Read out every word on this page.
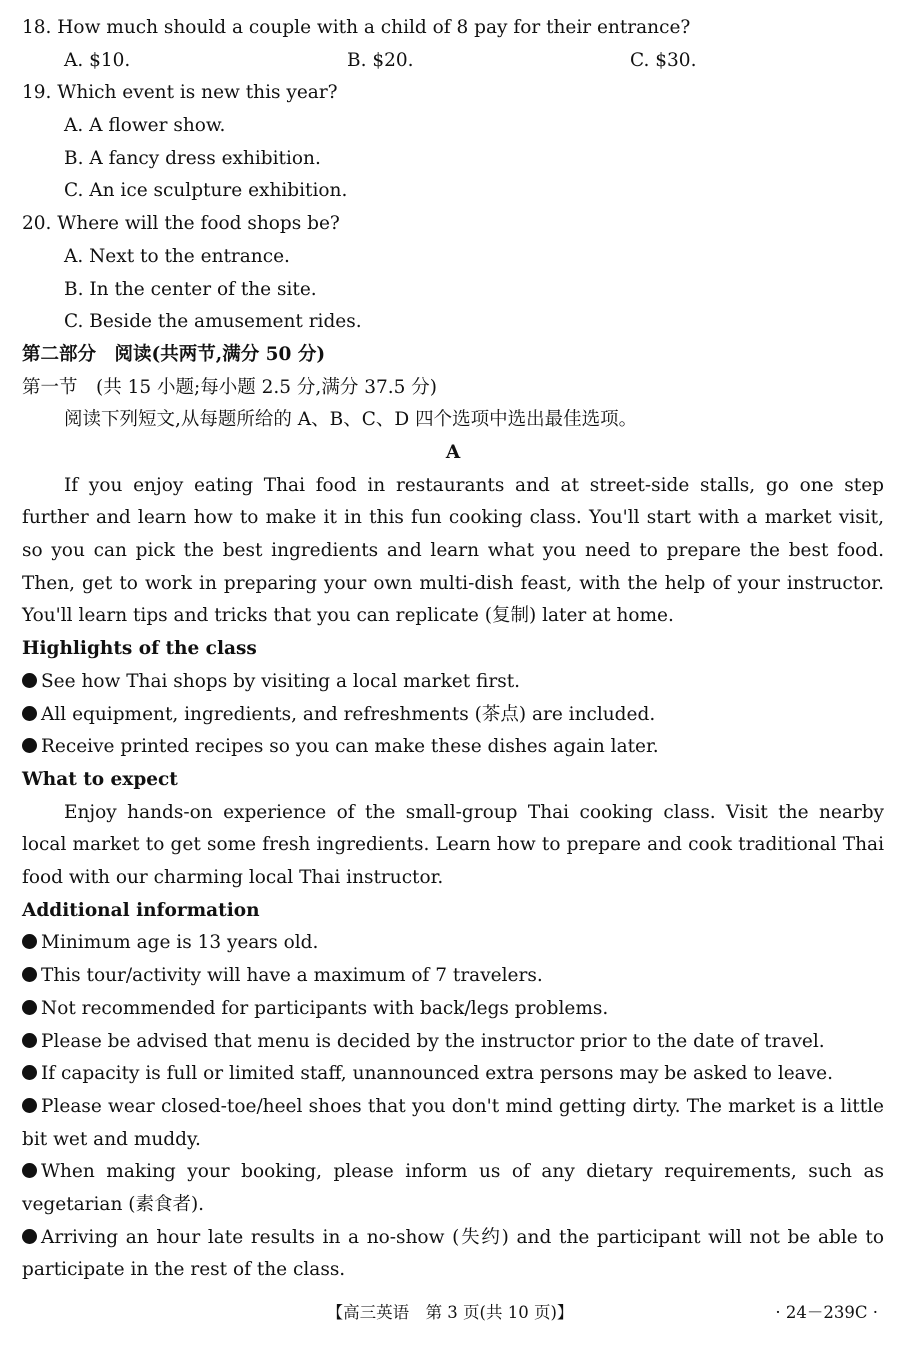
18. How much should a couple with a child of 8 pay for their entrance?
A. $10.	B. $20.	C. $30.
19. Which event is new this year?
A. A flower show.
B. A fancy dress exhibition.
C. An ice sculpture exhibition.
20. Where will the food shops be?
A. Next to the entrance.
B. In the center of the site.
C. Beside the amusement rides.
第二部分　阅读(共两节,满分 50 分)
第一节　(共 15 小题;每小题 2.5 分,满分 37.5 分)
阅读下列短文,从每题所给的 A、B、C、D 四个选项中选出最佳选项。
A

If you enjoy eating Thai food in restaurants and at street-side stalls, go one step further and learn how to make it in this fun cooking class. You'll start with a market visit, so you can pick the best ingredients and learn what you need to prepare the best food. Then, get to work in preparing your own multi-dish feast, with the help of your instructor. You'll learn tips and tricks that you can replicate (复制) later at home.

Highlights of the class

See how Thai shops by visiting a local market first.

All equipment, ingredients, and refreshments (茶点) are included.

Receive printed recipes so you can make these dishes again later.

What to expect

Enjoy hands-on experience of the small-group Thai cooking class. Visit the nearby local market to get some fresh ingredients. Learn how to prepare and cook traditional Thai food with our charming local Thai instructor.

Additional information

Minimum age is 13 years old.

This tour/activity will have a maximum of 7 travelers.

Not recommended for participants with back/legs problems.

Please be advised that menu is decided by the instructor prior to the date of travel.

If capacity is full or limited staff, unannounced extra persons may be asked to leave.

Please wear closed-toe/heel shoes that you don't mind getting dirty. The market is a little bit wet and muddy.

When making your booking, please inform us of any dietary requirements, such as vegetarian (素食者).

Arriving an hour late results in a no-show (失约) and the participant will not be able to participate in the rest of the class.

【高三英语　第 3 页(共 10 页)】	· 24－239C ·
